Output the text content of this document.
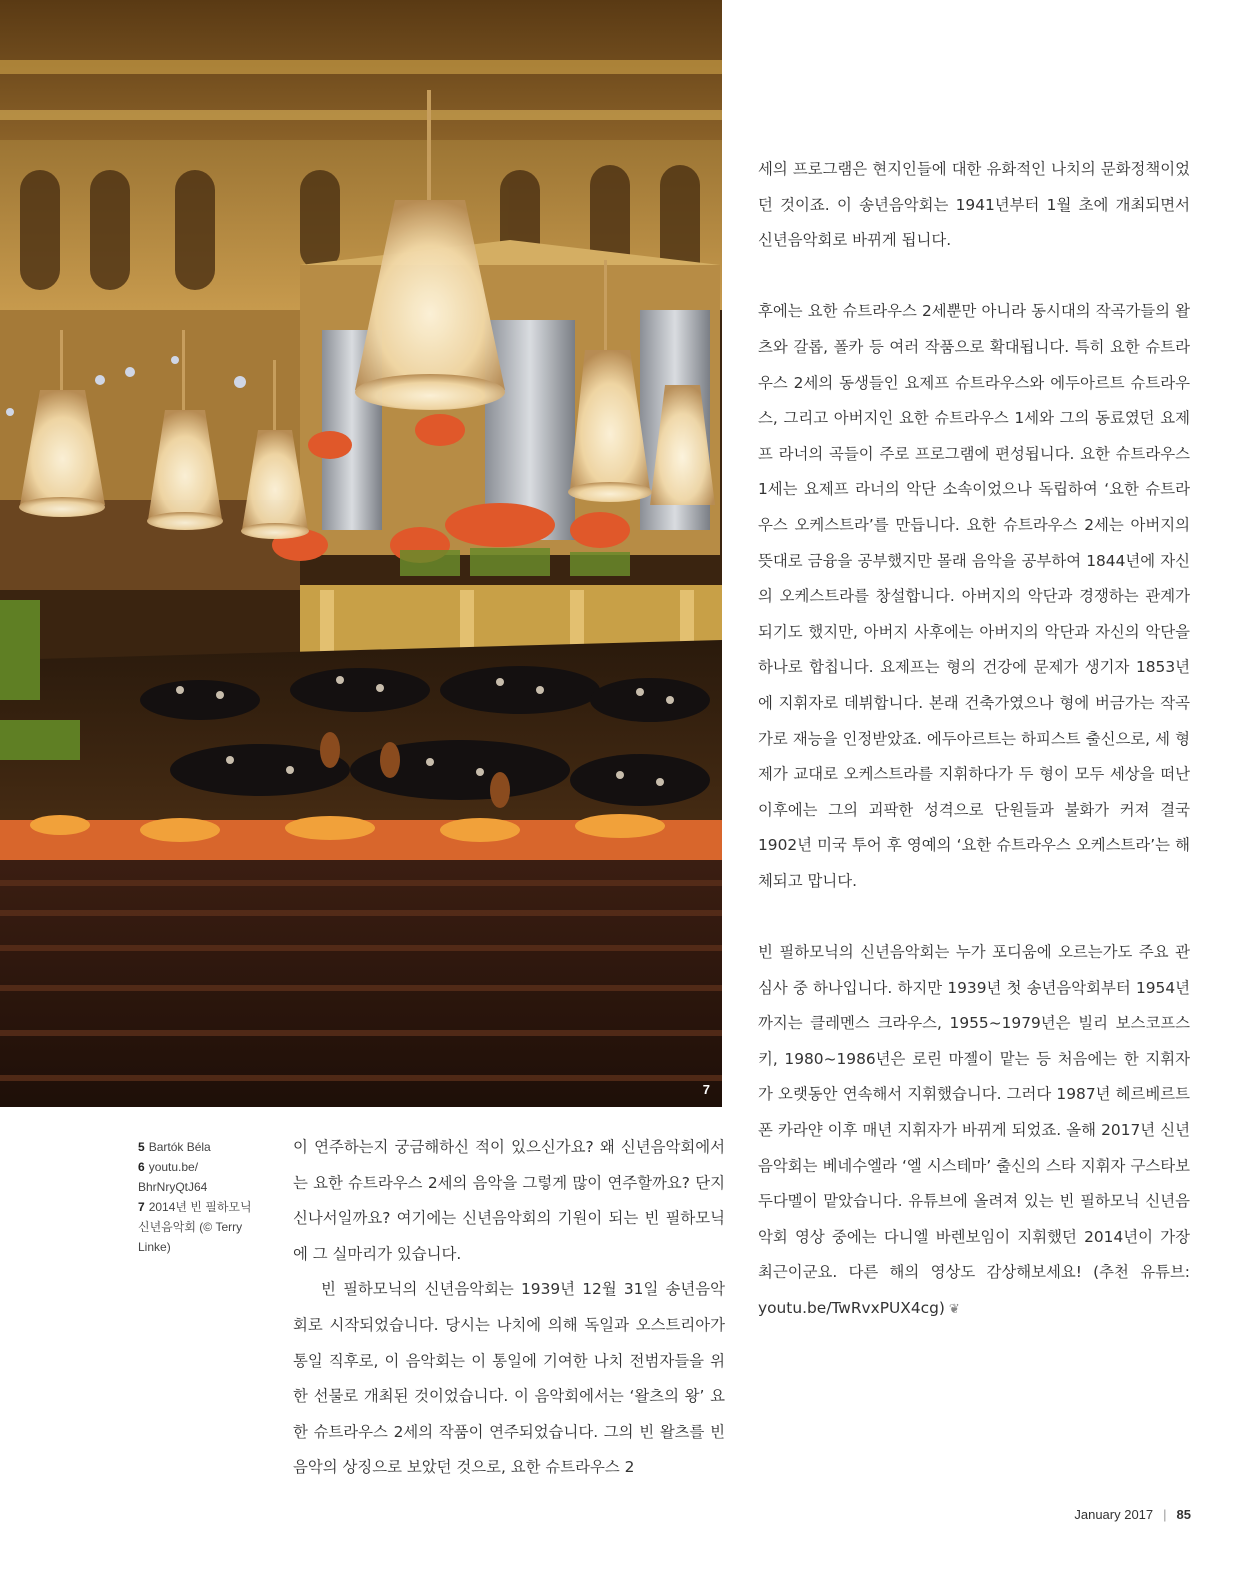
7

5 Bartók Béla

6 youtu.be/ BhrNryQtJ64

7 2014년 빈 필하모닉 신년음악회 (© Terry Linke)

이 연주하는지 궁금해하신 적이 있으신가요? 왜 신년음악회에서는 요한 슈트라우스 2세의 음악을 그렇게 많이 연주할까요? 단지 신나서일까요? 여기에는 신년음악회의 기원이 되는 빈 필하모닉에 그 실마리가 있습니다.

빈 필하모닉의 신년음악회는 1939년 12월 31일 송년음악회로 시작되었습니다. 당시는 나치에 의해 독일과 오스트리아가 통일 직후로, 이 음악회는 이 통일에 기여한 나치 전범자들을 위한 선물로 개최된 것이었습니다. 이 음악회에서는 ‘왈츠의 왕’ 요한 슈트라우스 2세의 작품이 연주되었습니다. 그의 빈 왈츠를 빈 음악의 상징으로 보았던 것으로, 요한 슈트라우스 2

세의 프로그램은 현지인들에 대한 유화적인 나치의 문화정책이었던 것이죠. 이 송년음악회는 1941년부터 1월 초에 개최되면서 신년음악회로 바뀌게 됩니다.

후에는 요한 슈트라우스 2세뿐만 아니라 동시대의 작곡가들의 왈츠와 갈롭, 폴카 등 여러 작품으로 확대됩니다. 특히 요한 슈트라우스 2세의 동생들인 요제프 슈트라우스와 에두아르트 슈트라우스, 그리고 아버지인 요한 슈트라우스 1세와 그의 동료였던 요제프 라너의 곡들이 주로 프로그램에 편성됩니다. 요한 슈트라우스 1세는 요제프 라너의 악단 소속이었으나 독립하여 ‘요한 슈트라우스 오케스트라’를 만듭니다. 요한 슈트라우스 2세는 아버지의 뜻대로 금융을 공부했지만 몰래 음악을 공부하여 1844년에 자신의 오케스트라를 창설합니다. 아버지의 악단과 경쟁하는 관계가 되기도 했지만, 아버지 사후에는 아버지의 악단과 자신의 악단을 하나로 합칩니다. 요제프는 형의 건강에 문제가 생기자 1853년에 지휘자로 데뷔합니다. 본래 건축가였으나 형에 버금가는 작곡가로 재능을 인정받았죠. 에두아르트는 하피스트 출신으로, 세 형제가 교대로 오케스트라를 지휘하다가 두 형이 모두 세상을 떠난 이후에는 그의 괴팍한 성격으로 단원들과 불화가 커져 결국 1902년 미국 투어 후 영예의 ‘요한 슈트라우스 오케스트라’는 해체되고 맙니다.

빈 필하모닉의 신년음악회는 누가 포디움에 오르는가도 주요 관심사 중 하나입니다. 하지만 1939년 첫 송년음악회부터 1954년까지는 클레멘스 크라우스, 1955~1979년은 빌리 보스코프스키, 1980~1986년은 로린 마젤이 맡는 등 처음에는 한 지휘자가 오랫동안 연속해서 지휘했습니다. 그러다 1987년 헤르베르트 폰 카라얀 이후 매년 지휘자가 바뀌게 되었죠. 올해 2017년 신년음악회는 베네수엘라 ‘엘 시스테마’ 출신의 스타 지휘자 구스타보 두다멜이 맡았습니다. 유튜브에 올려져 있는 빈 필하모닉 신년음악회 영상 중에는 다니엘 바렌보임이 지휘했던 2014년이 가장 최근이군요. 다른 해의 영상도 감상해보세요! (추천 유튜브: youtu.be/TwRvxPUX4cg) ❦

January 2017 | 85
